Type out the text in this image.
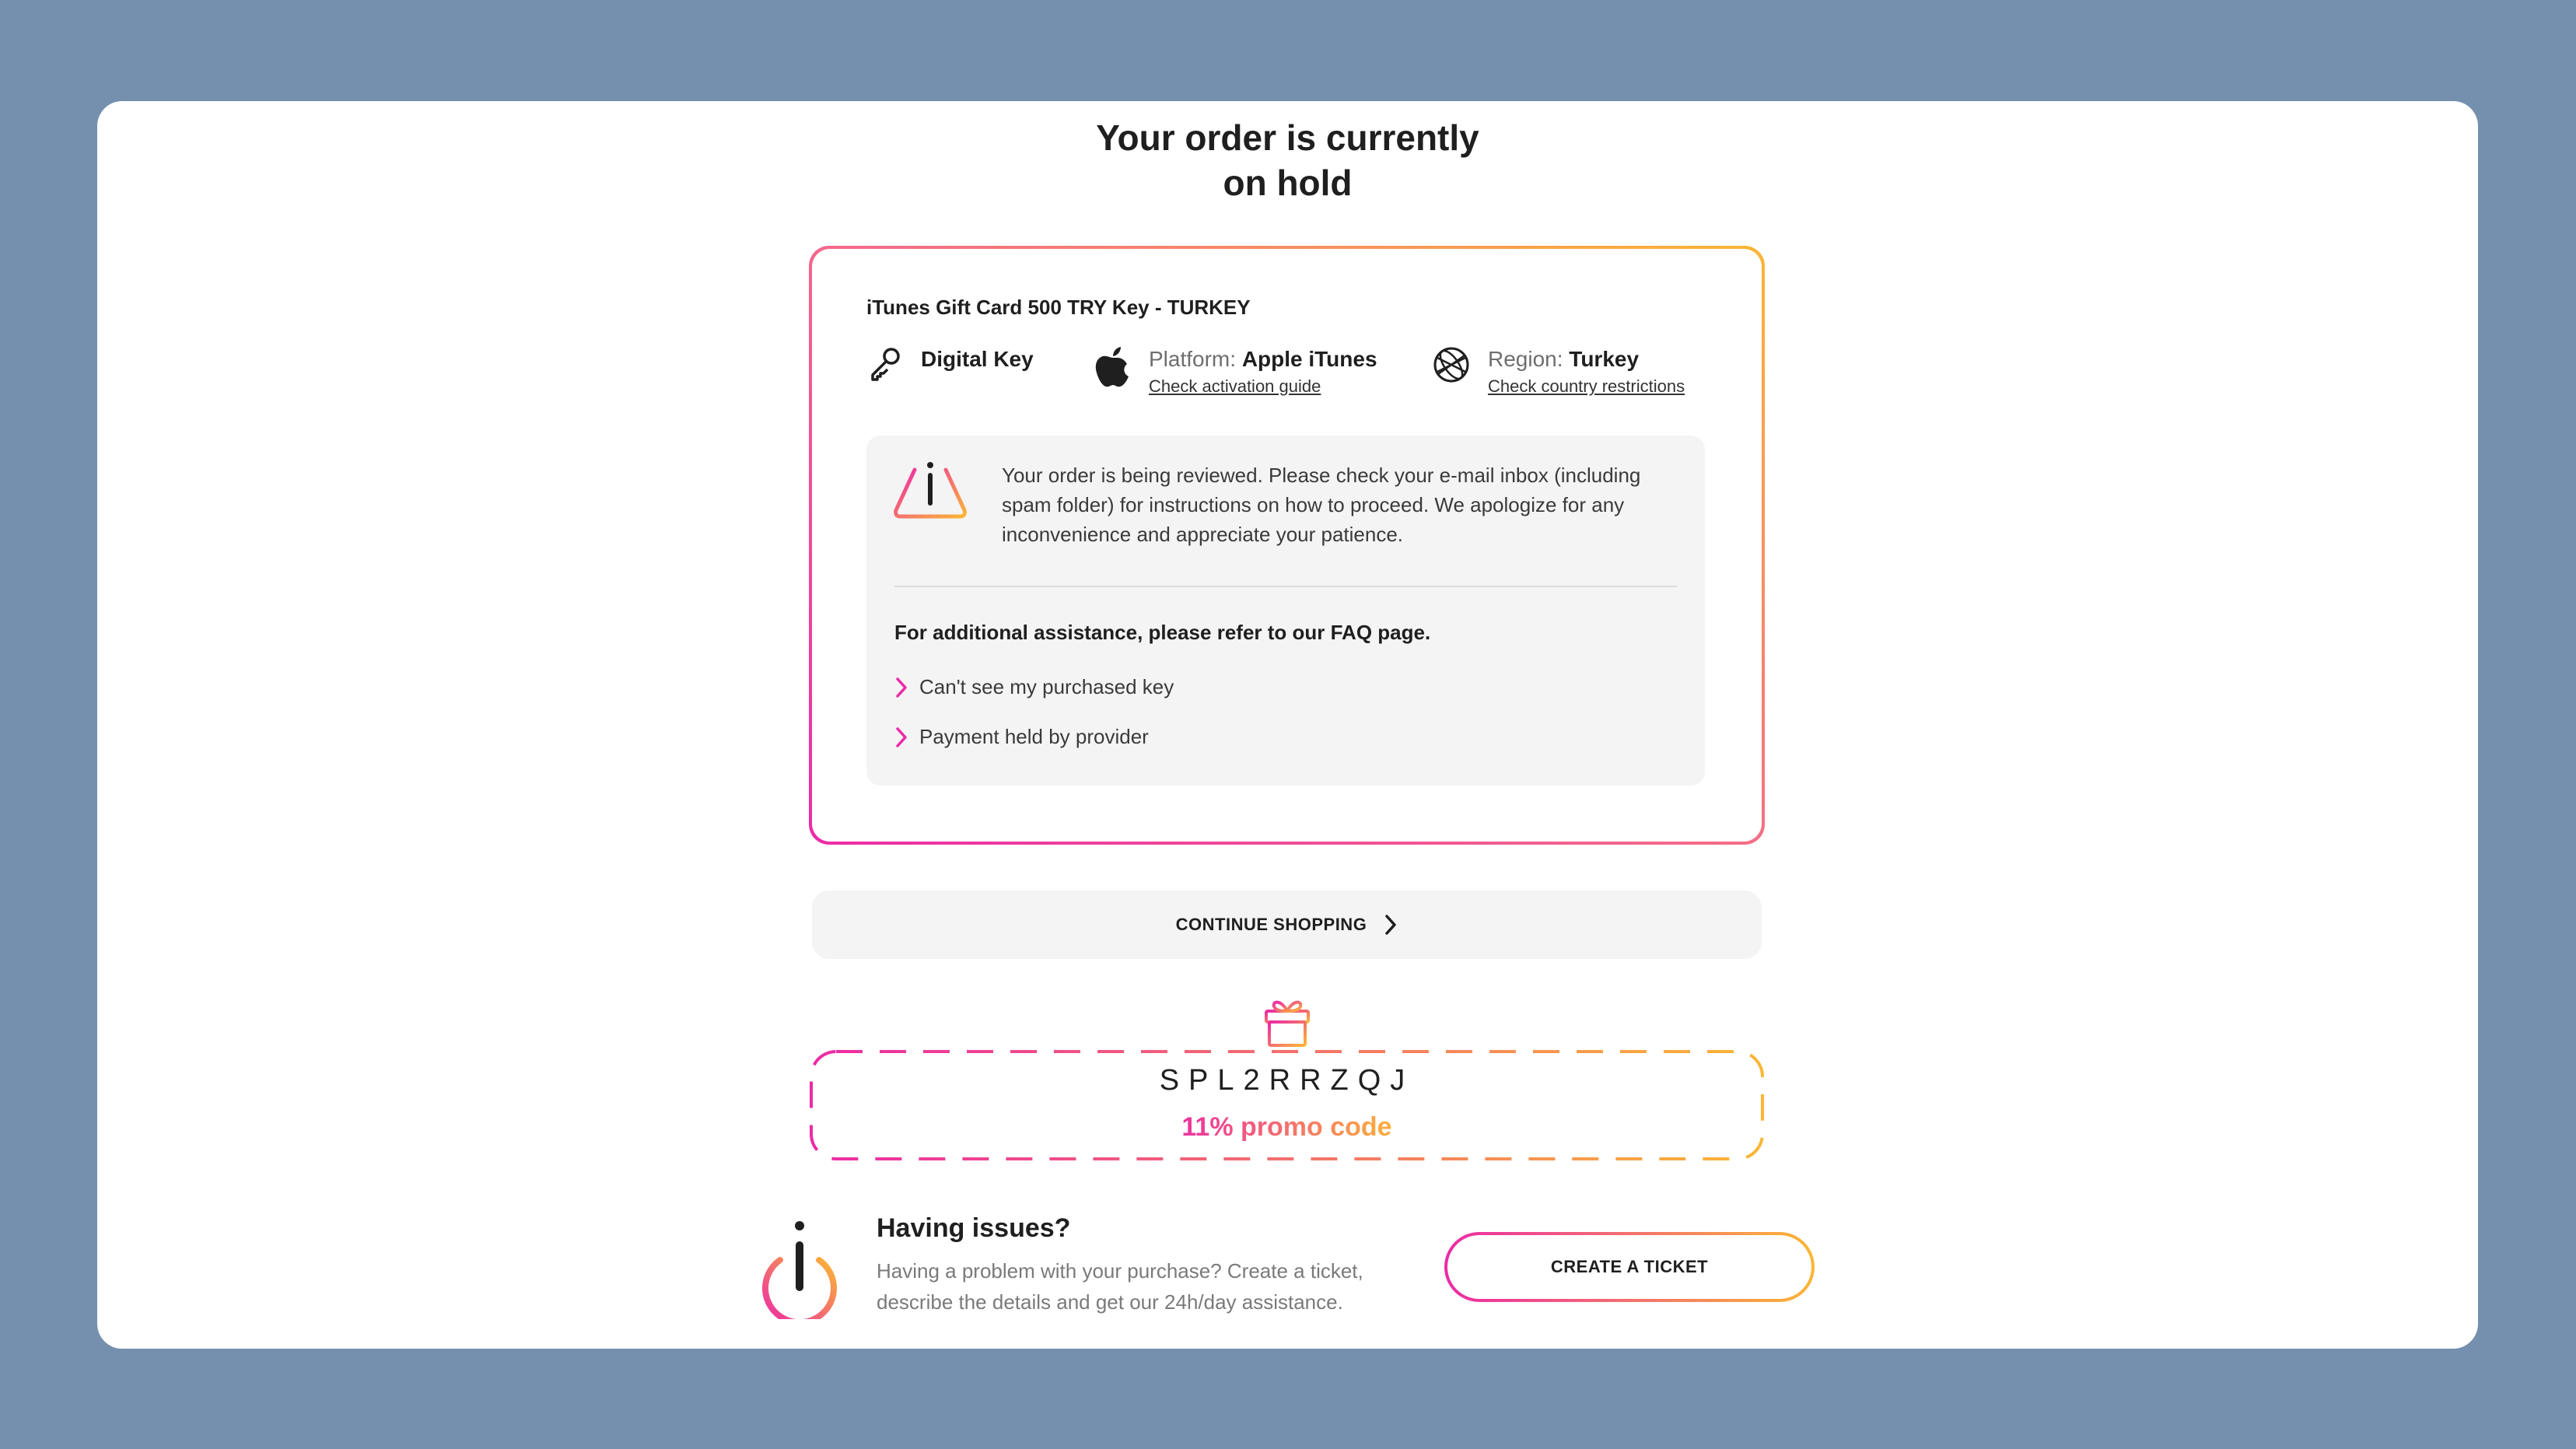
Your order is currently
on hold
iTunes Gift Card 500 TRY Key - TURKEY
Digital Key	Platform: Apple iTunes
Check activation guide
Region: Turkey
Check country restrictions
Your order is being reviewed. Please check your e-mail inbox (including spam folder) for instructions on how to proceed. We apologize for any inconvenience and appreciate your patience.
For additional assistance, please refer to our FAQ page.
Can't see my purchased key
Payment held by provider
CONTINUE SHOPPING
SPL2RRZQJ
11% promo code
Having issues?
Having a problem with your purchase? Create a ticket, describe the details and get our 24h/day assistance.
CREATE A TICKET
